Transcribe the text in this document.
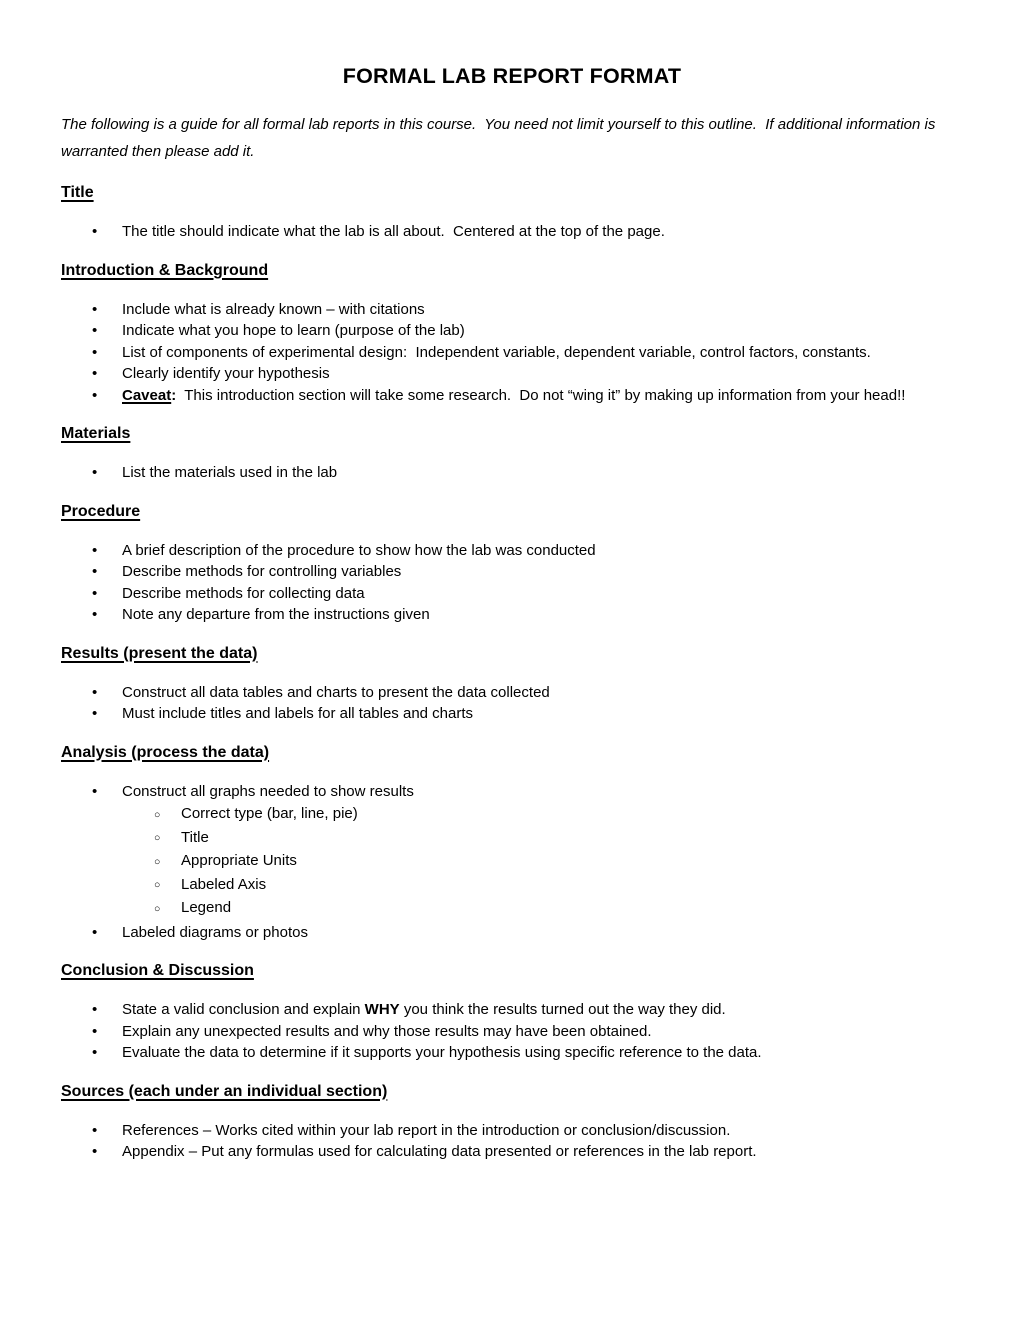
FORMAL LAB REPORT FORMAT
The following is a guide for all formal lab reports in this course.  You need not limit yourself to this outline.  If additional information is warranted then please add it.
Title
• The title should indicate what the lab is all about.  Centered at the top of the page.
Introduction & Background
• Include what is already known – with citations
• Indicate what you hope to learn (purpose of the lab)
• List of components of experimental design:  Independent variable, dependent variable, control factors, constants.
• Clearly identify your hypothesis
• Caveat:  This introduction section will take some research.  Do not “wing it” by making up information from your head!!
Materials
• List the materials used in the lab
Procedure
• A brief description of the procedure to show how the lab was conducted
• Describe methods for controlling variables
• Describe methods for collecting data
• Note any departure from the instructions given
Results (present the data)
• Construct all data tables and charts to present the data collected
• Must include titles and labels for all tables and charts
Analysis (process the data)
• Construct all graphs needed to show results
○ Correct type (bar, line, pie)
○ Title
○ Appropriate Units
○ Labeled Axis
○ Legend
• Labeled diagrams or photos
Conclusion & Discussion
• State a valid conclusion and explain WHY you think the results turned out the way they did.
• Explain any unexpected results and why those results may have been obtained.
• Evaluate the data to determine if it supports your hypothesis using specific reference to the data.
Sources (each under an individual section)
• References – Works cited within your lab report in the introduction or conclusion/discussion.
• Appendix – Put any formulas used for calculating data presented or references in the lab report.
